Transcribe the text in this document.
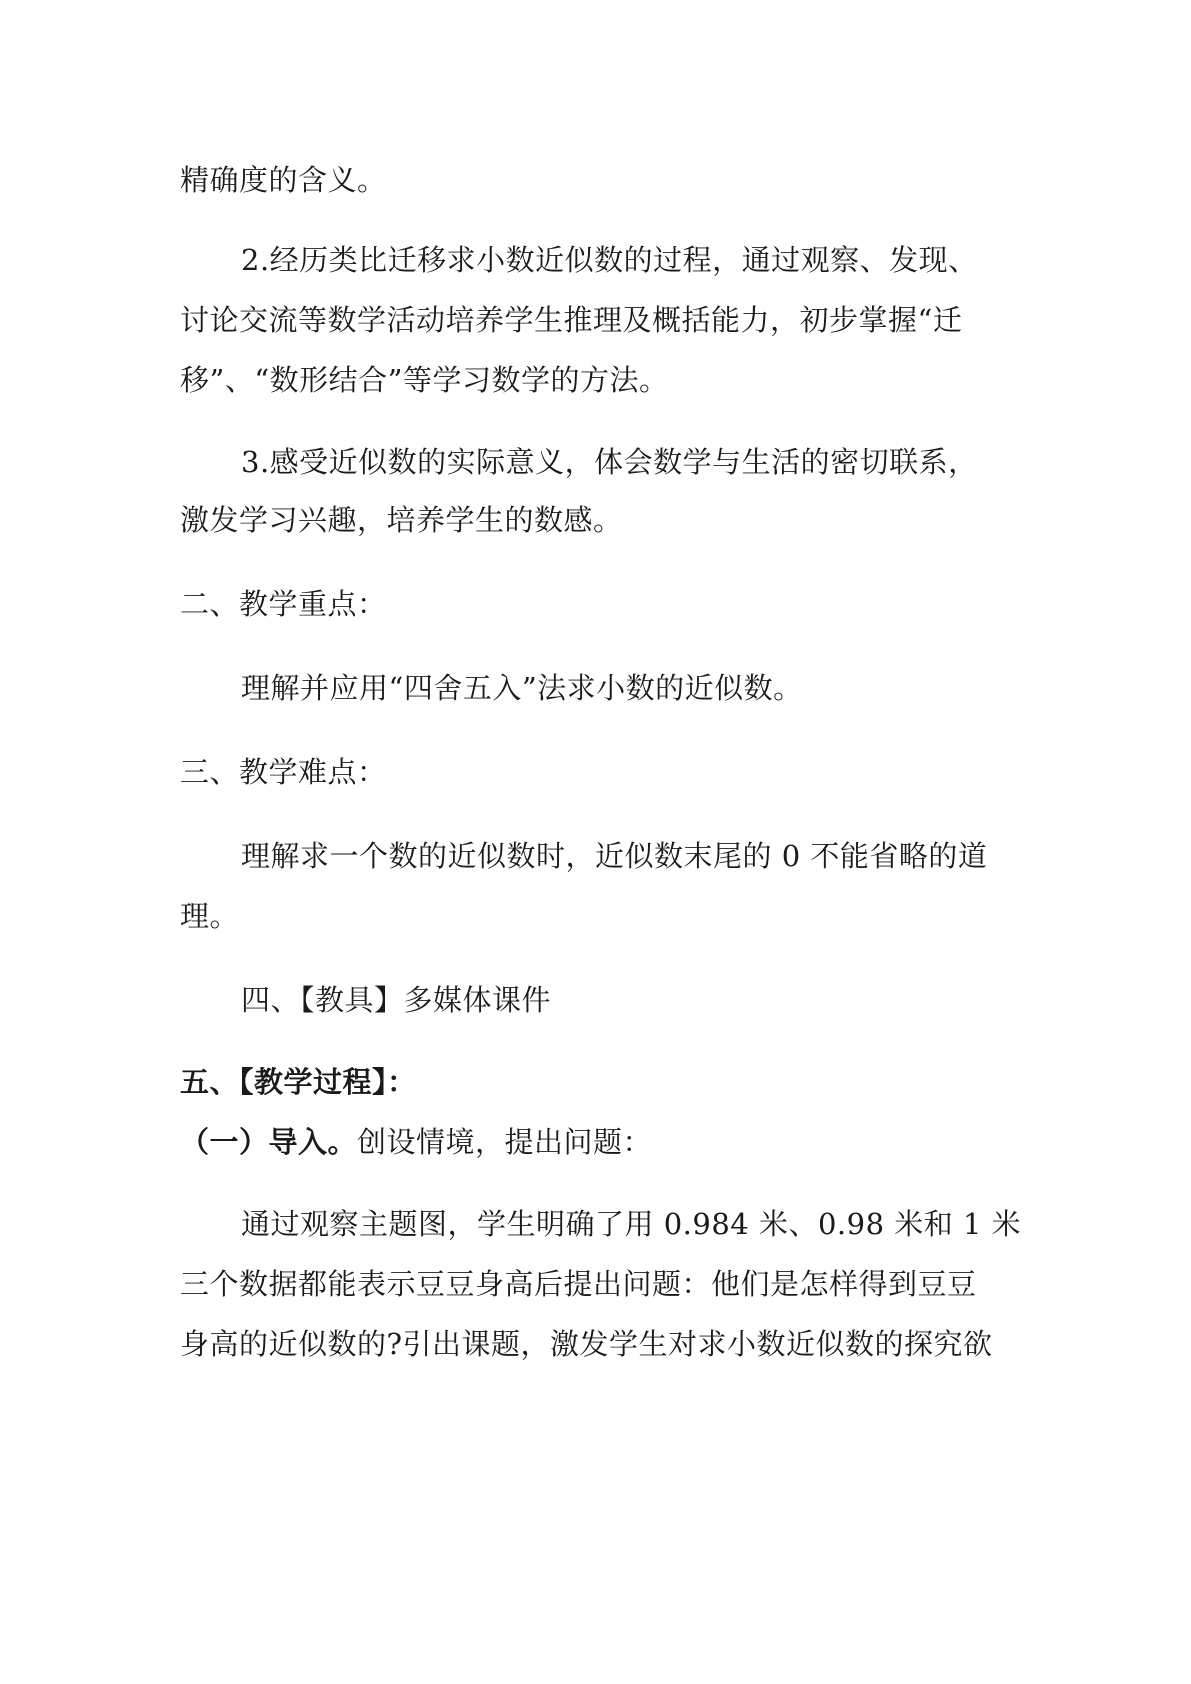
精确度的含义。
2.经历类比迁移求小数近似数的过程，通过观察、发现、
讨论交流等数学活动培养学生推理及概括能力，初步掌握“迁
移”、“数形结合”等学习数学的方法。
3.感受近似数的实际意义，体会数学与生活的密切联系，
激发学习兴趣，培养学生的数感。
二、教学重点：
理解并应用“四舍五入”法求小数的近似数。
三、教学难点：
理解求一个数的近似数时，近似数末尾的 0 不能省略的道
理。
四、【教具】多媒体课件
五、【教学过程】：
（一）导入。创设情境，提出问题：
通过观察主题图，学生明确了用 0.984 米、0.98 米和 1 米
三个数据都能表示豆豆身高后提出问题：他们是怎样得到豆豆
身高的近似数的?引出课题，激发学生对求小数近似数的探究欲
